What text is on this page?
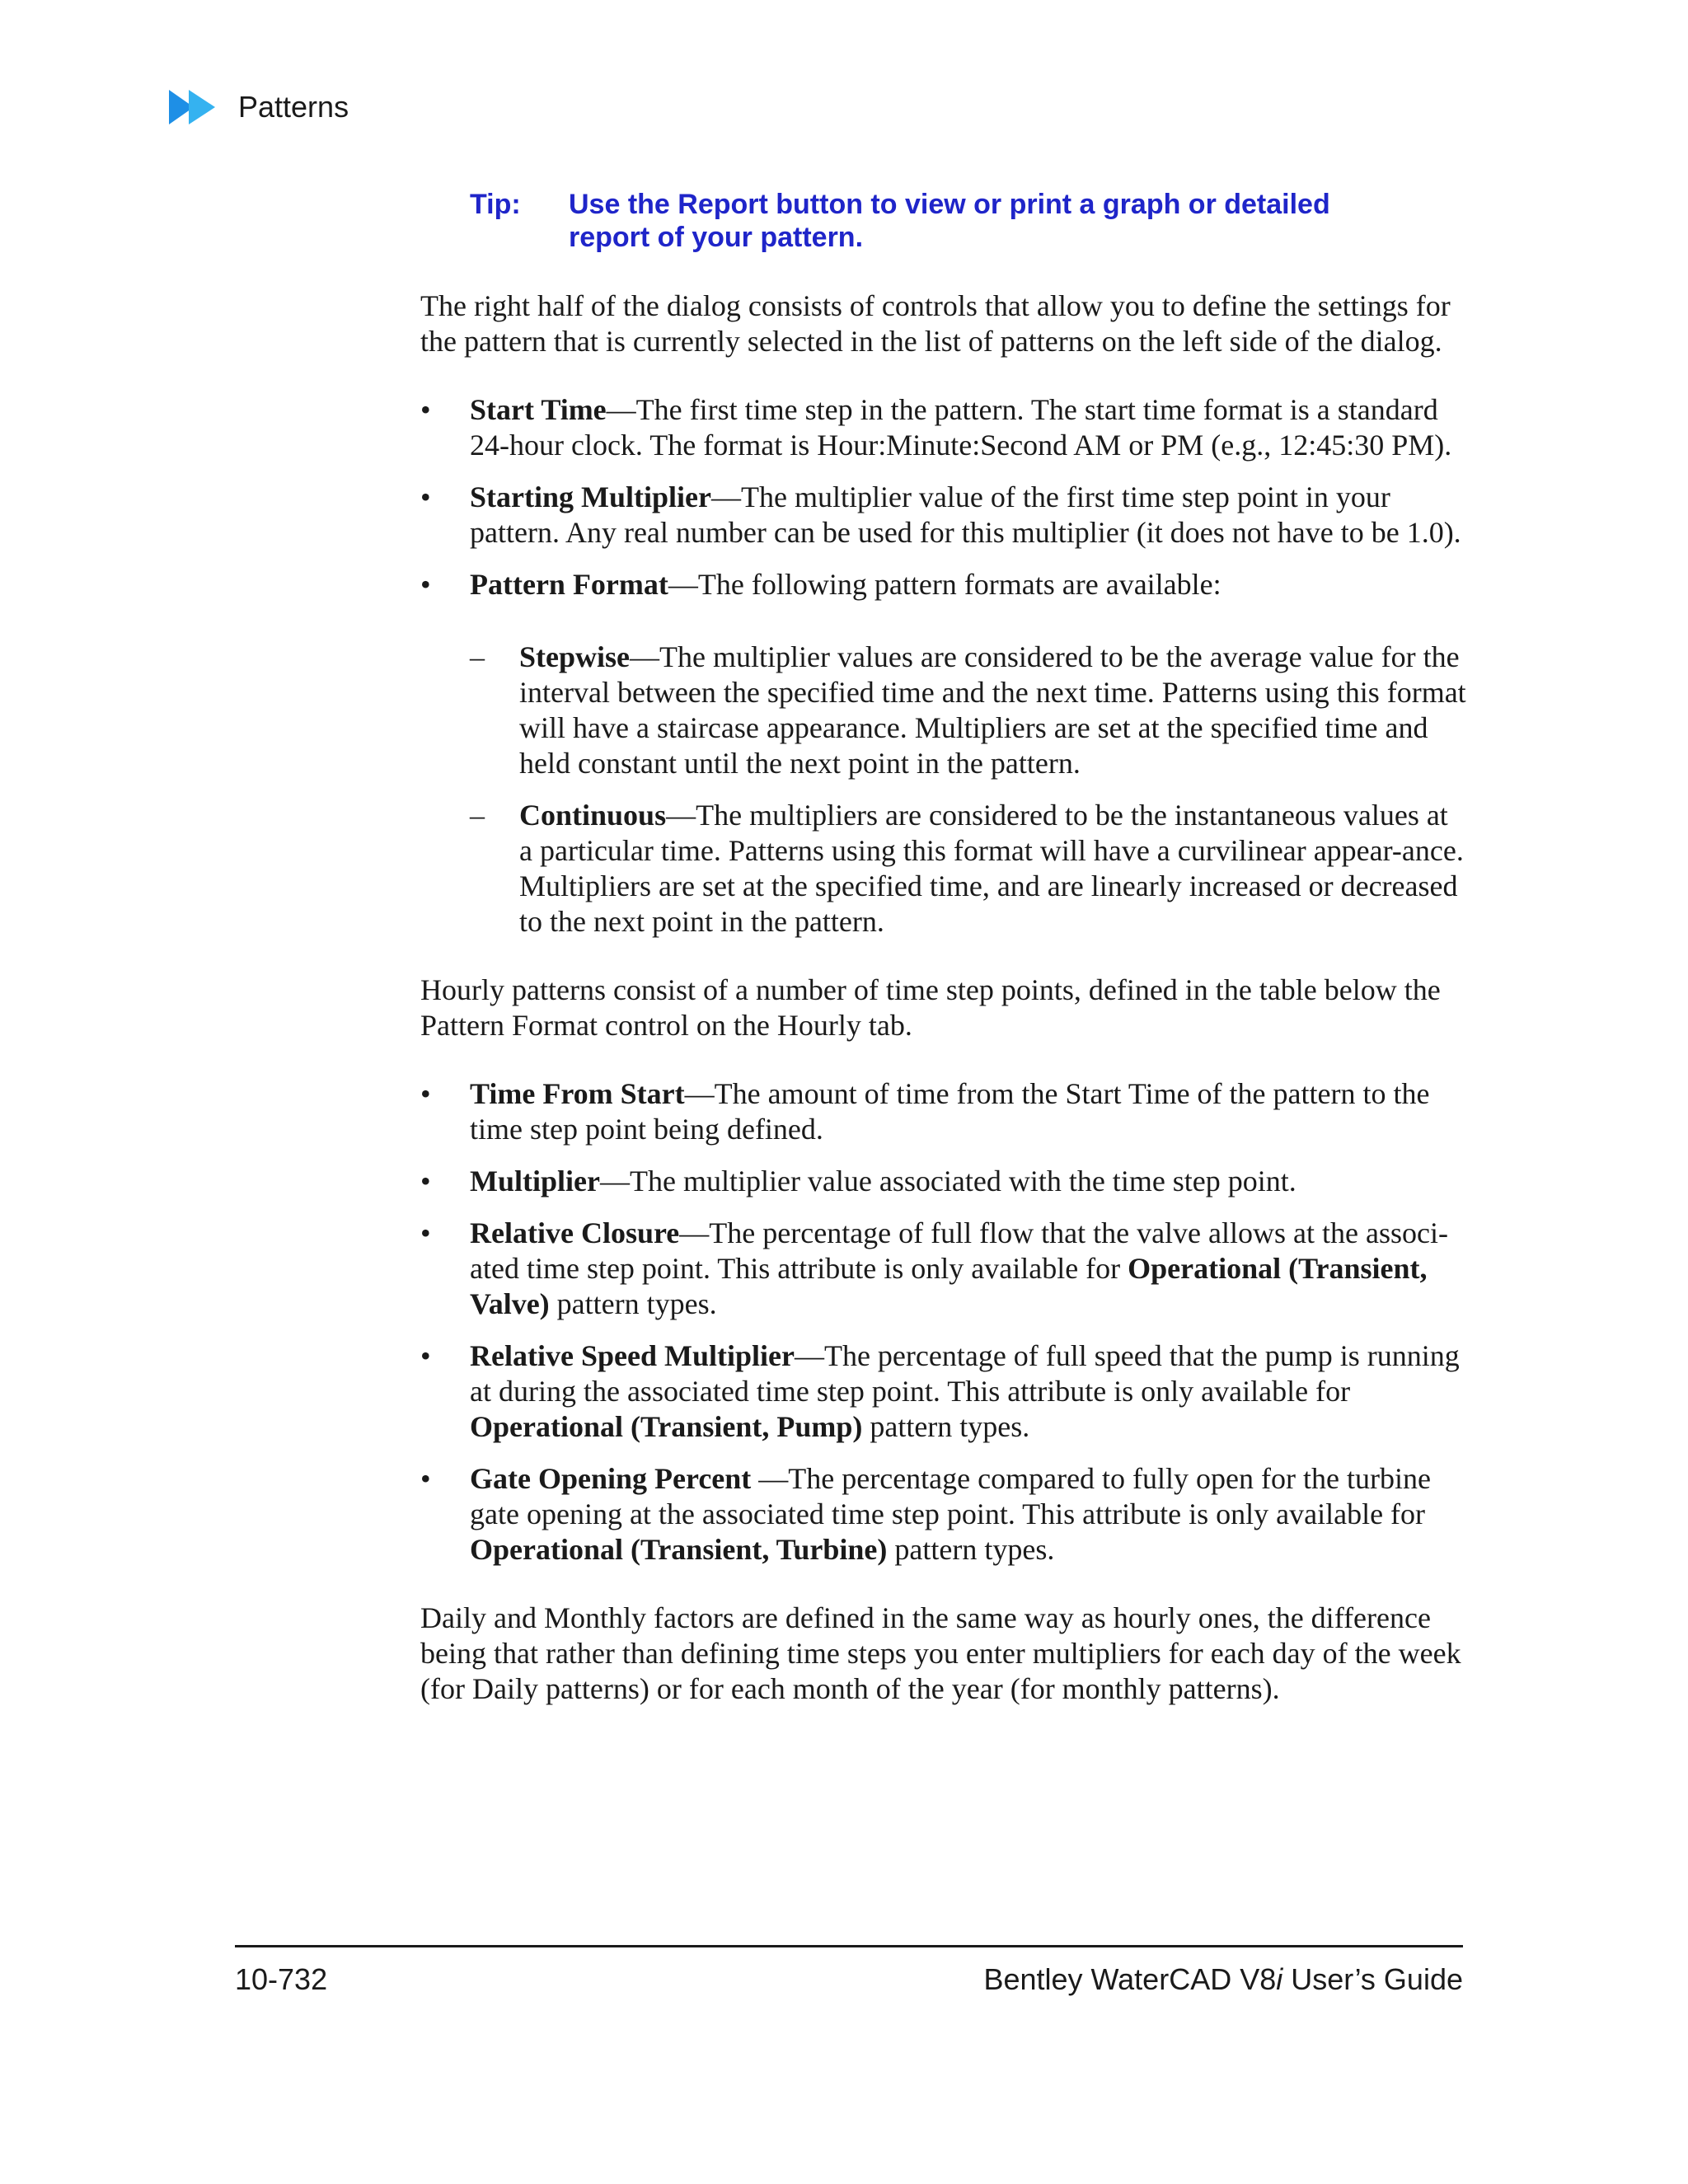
Patterns
Tip:	Use the Report button to view or print a graph or detailed report of your pattern.

The right half of the dialog consists of controls that allow you to define the settings for the pattern that is currently selected in the list of patterns on the left side of the dialog.

• Start Time—The first time step in the pattern. The start time format is a standard 24-hour clock. The format is Hour:Minute:Second AM or PM (e.g., 12:45:30 PM).
• Starting Multiplier—The multiplier value of the first time step point in your pattern. Any real number can be used for this multiplier (it does not have to be 1.0).
• Pattern Format—The following pattern formats are available:
– Stepwise—The multiplier values are considered to be the average value for the interval between the specified time and the next time. Patterns using this format will have a staircase appearance. Multipliers are set at the specified time and held constant until the next point in the pattern.
– Continuous—The multipliers are considered to be the instantaneous values at a particular time. Patterns using this format will have a curvilinear appear-ance. Multipliers are set at the specified time, and are linearly increased or decreased to the next point in the pattern.

Hourly patterns consist of a number of time step points, defined in the table below the Pattern Format control on the Hourly tab.

• Time From Start—The amount of time from the Start Time of the pattern to the time step point being defined.
• Multiplier—The multiplier value associated with the time step point.
• Relative Closure—The percentage of full flow that the valve allows at the associ-ated time step point. This attribute is only available for Operational (Transient, Valve) pattern types.
• Relative Speed Multiplier—The percentage of full speed that the pump is running at during the associated time step point. This attribute is only available for Operational (Transient, Pump) pattern types.
• Gate Opening Percent —The percentage compared to fully open for the turbine gate opening at the associated time step point. This attribute is only available for Operational (Transient, Turbine) pattern types.

Daily and Monthly factors are defined in the same way as hourly ones, the difference being that rather than defining time steps you enter multipliers for each day of the week (for Daily patterns) or for each month of the year (for monthly patterns).

10-732	Bentley WaterCAD V8i User’s Guide
